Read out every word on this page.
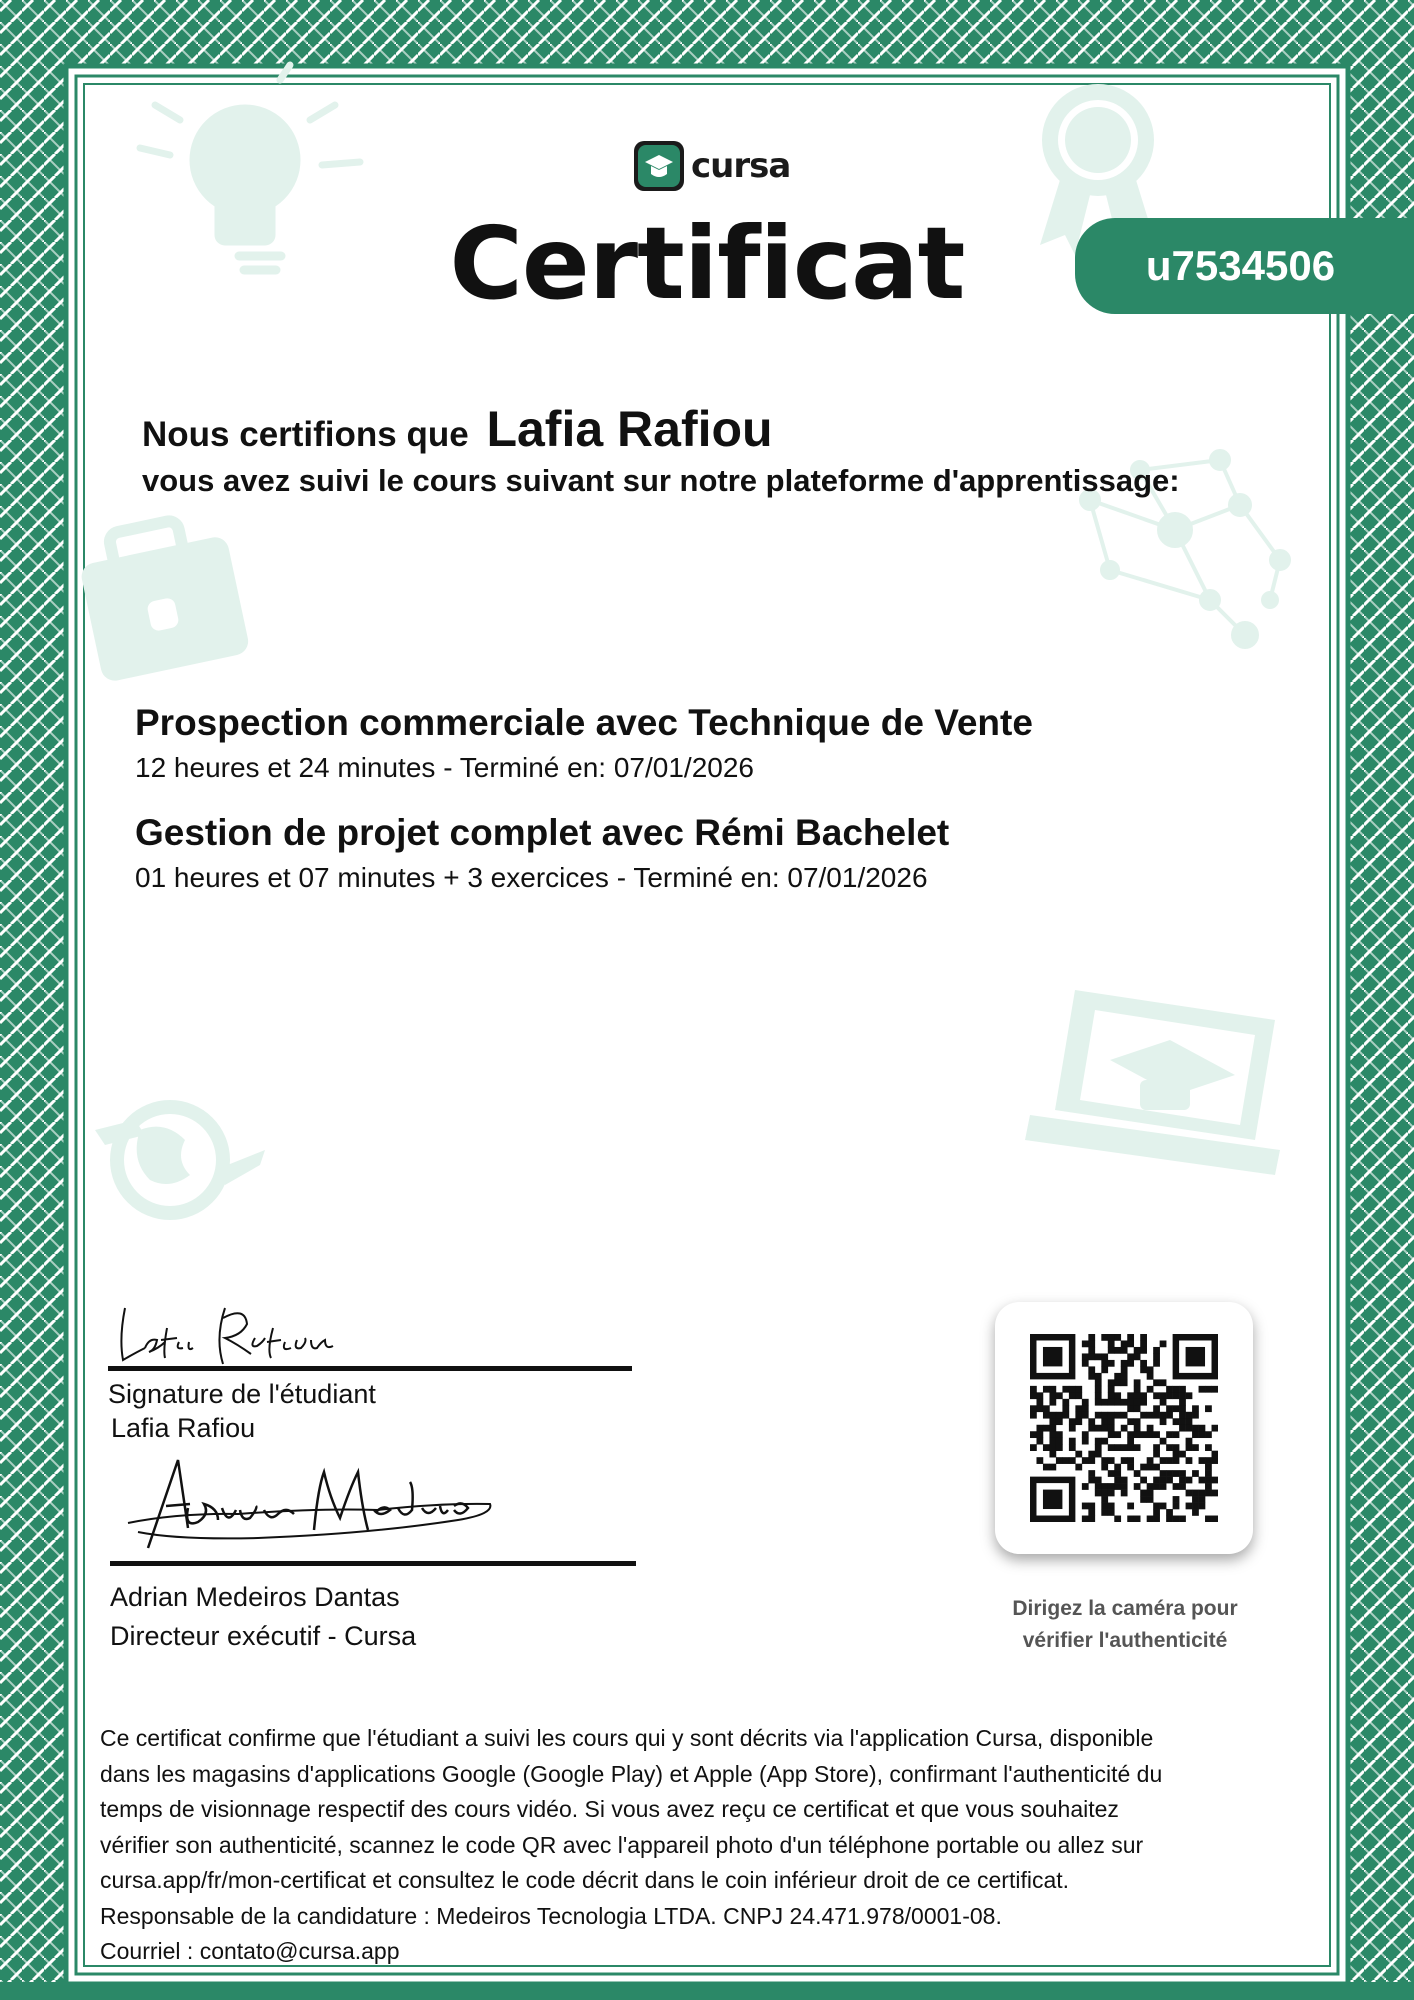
cursa
Certificat	u7534506
Nous certifions que Lafia Rafiou
vous avez suivi le cours suivant sur notre plateforme d'apprentissage:
Prospection commerciale avec Technique de Vente
12 heures et 24 minutes - Terminé en: 07/01/2026
Gestion de projet complet avec Rémi Bachelet
01 heures et 07 minutes + 3 exercices - Terminé en: 07/01/2026
Signature de l'étudiant
Lafia Rafiou
Adrian Medeiros Dantas
Directeur exécutif - Cursa
Dirigez la caméra pour
vérifier l'authenticité

Ce certificat confirme que l'étudiant a suivi les cours qui y sont décrits via l'application Cursa, disponible

dans les magasins d'applications Google (Google Play) et Apple (App Store), confirmant l'authenticité du

temps de visionnage respectif des cours vidéo. Si vous avez reçu ce certificat et que vous souhaitez

vérifier son authenticité, scannez le code QR avec l'appareil photo d'un téléphone portable ou allez sur

cursa.app/fr/mon-certificat et consultez le code décrit dans le coin inférieur droit de ce certificat.

Responsable de la candidature : Medeiros Tecnologia LTDA. CNPJ 24.471.978/0001-08.

Courriel : contato@cursa.app
